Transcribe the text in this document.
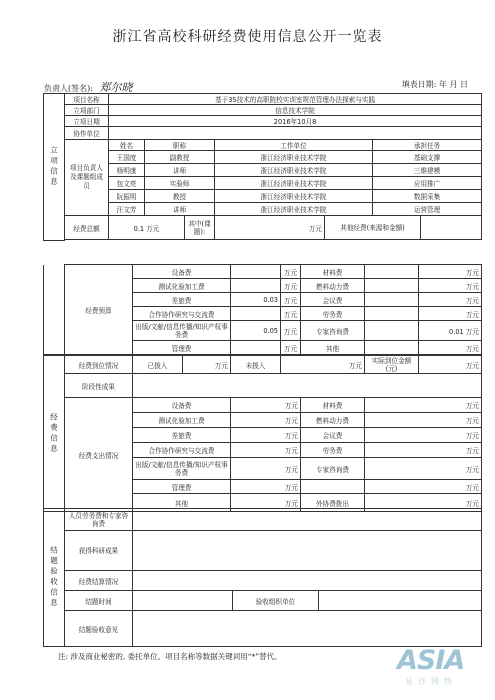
浙江省高校科研经费使用信息公开一览表
负责人(签名): 郑尔晓	填表日期: 年 月 日
立项信息	项目名称	基于3S技术的高职院校实训室规范管理办法探索与实践						
	立项部门	信息技术学院						
	立项日期	2016年10月8						
	协作单位							
	项目负责人及课题组成员	姓名	职称		工作单位		承担任务	
		王国度	副教授		浙江经济职业技术学院		基础支撑	
		杨明康	讲师		浙江经济职业技术学院		三维建模	
		包文亮	实验师		浙江经济职业技术学院		应用推广	
		阮振明	教授		浙江经济职业技术学院		数据采集	
		汪文芳	讲师		浙江经济职业技术学院		运营管理	
	经费总额	0.1 万元		其中(课题):	万元	其他经费(来源和金额)		

	经费预算	设备费		万元	材料费		万元
		测试化验加工费		万元	燃料动力费		万元
		差旅费	0.03	万元	会议费		万元
		合作协作研究与交流费		万元	劳务费		万元
		出版/文献/信息传播/知识产权事务费	0.05	万元	专家咨询费		0.01 万元
		管理费		万元	其他		万元
经费信息	经费到位情况	已拨入	万元	未拨入	万元		实际到位金额(元)	万元
	阶段性成果							
	经费支出情况	设备费		万元		材料费	万元	
		测试化验加工费		万元		燃料动力费	万元	
		差旅费		万元		会议费	万元	
		合作协作研究与交流费		万元		劳务费	万元	
		出版/文献/信息传播/知识产权事务费		万元		专家咨询费	万元	
		管理费		万元			万元	
		其他		万元		外协费拨出	万元	
结题验收信息	人员劳务费和专家咨询费			
	获得科研成果			
	经费结算情况			
	结题时间		验收组织单位	
	结题验收意见			
注: 涉及商业秘密的, 委托单位、项目名称等数据关键词用“*”替代。	ASIA
易沙网络
